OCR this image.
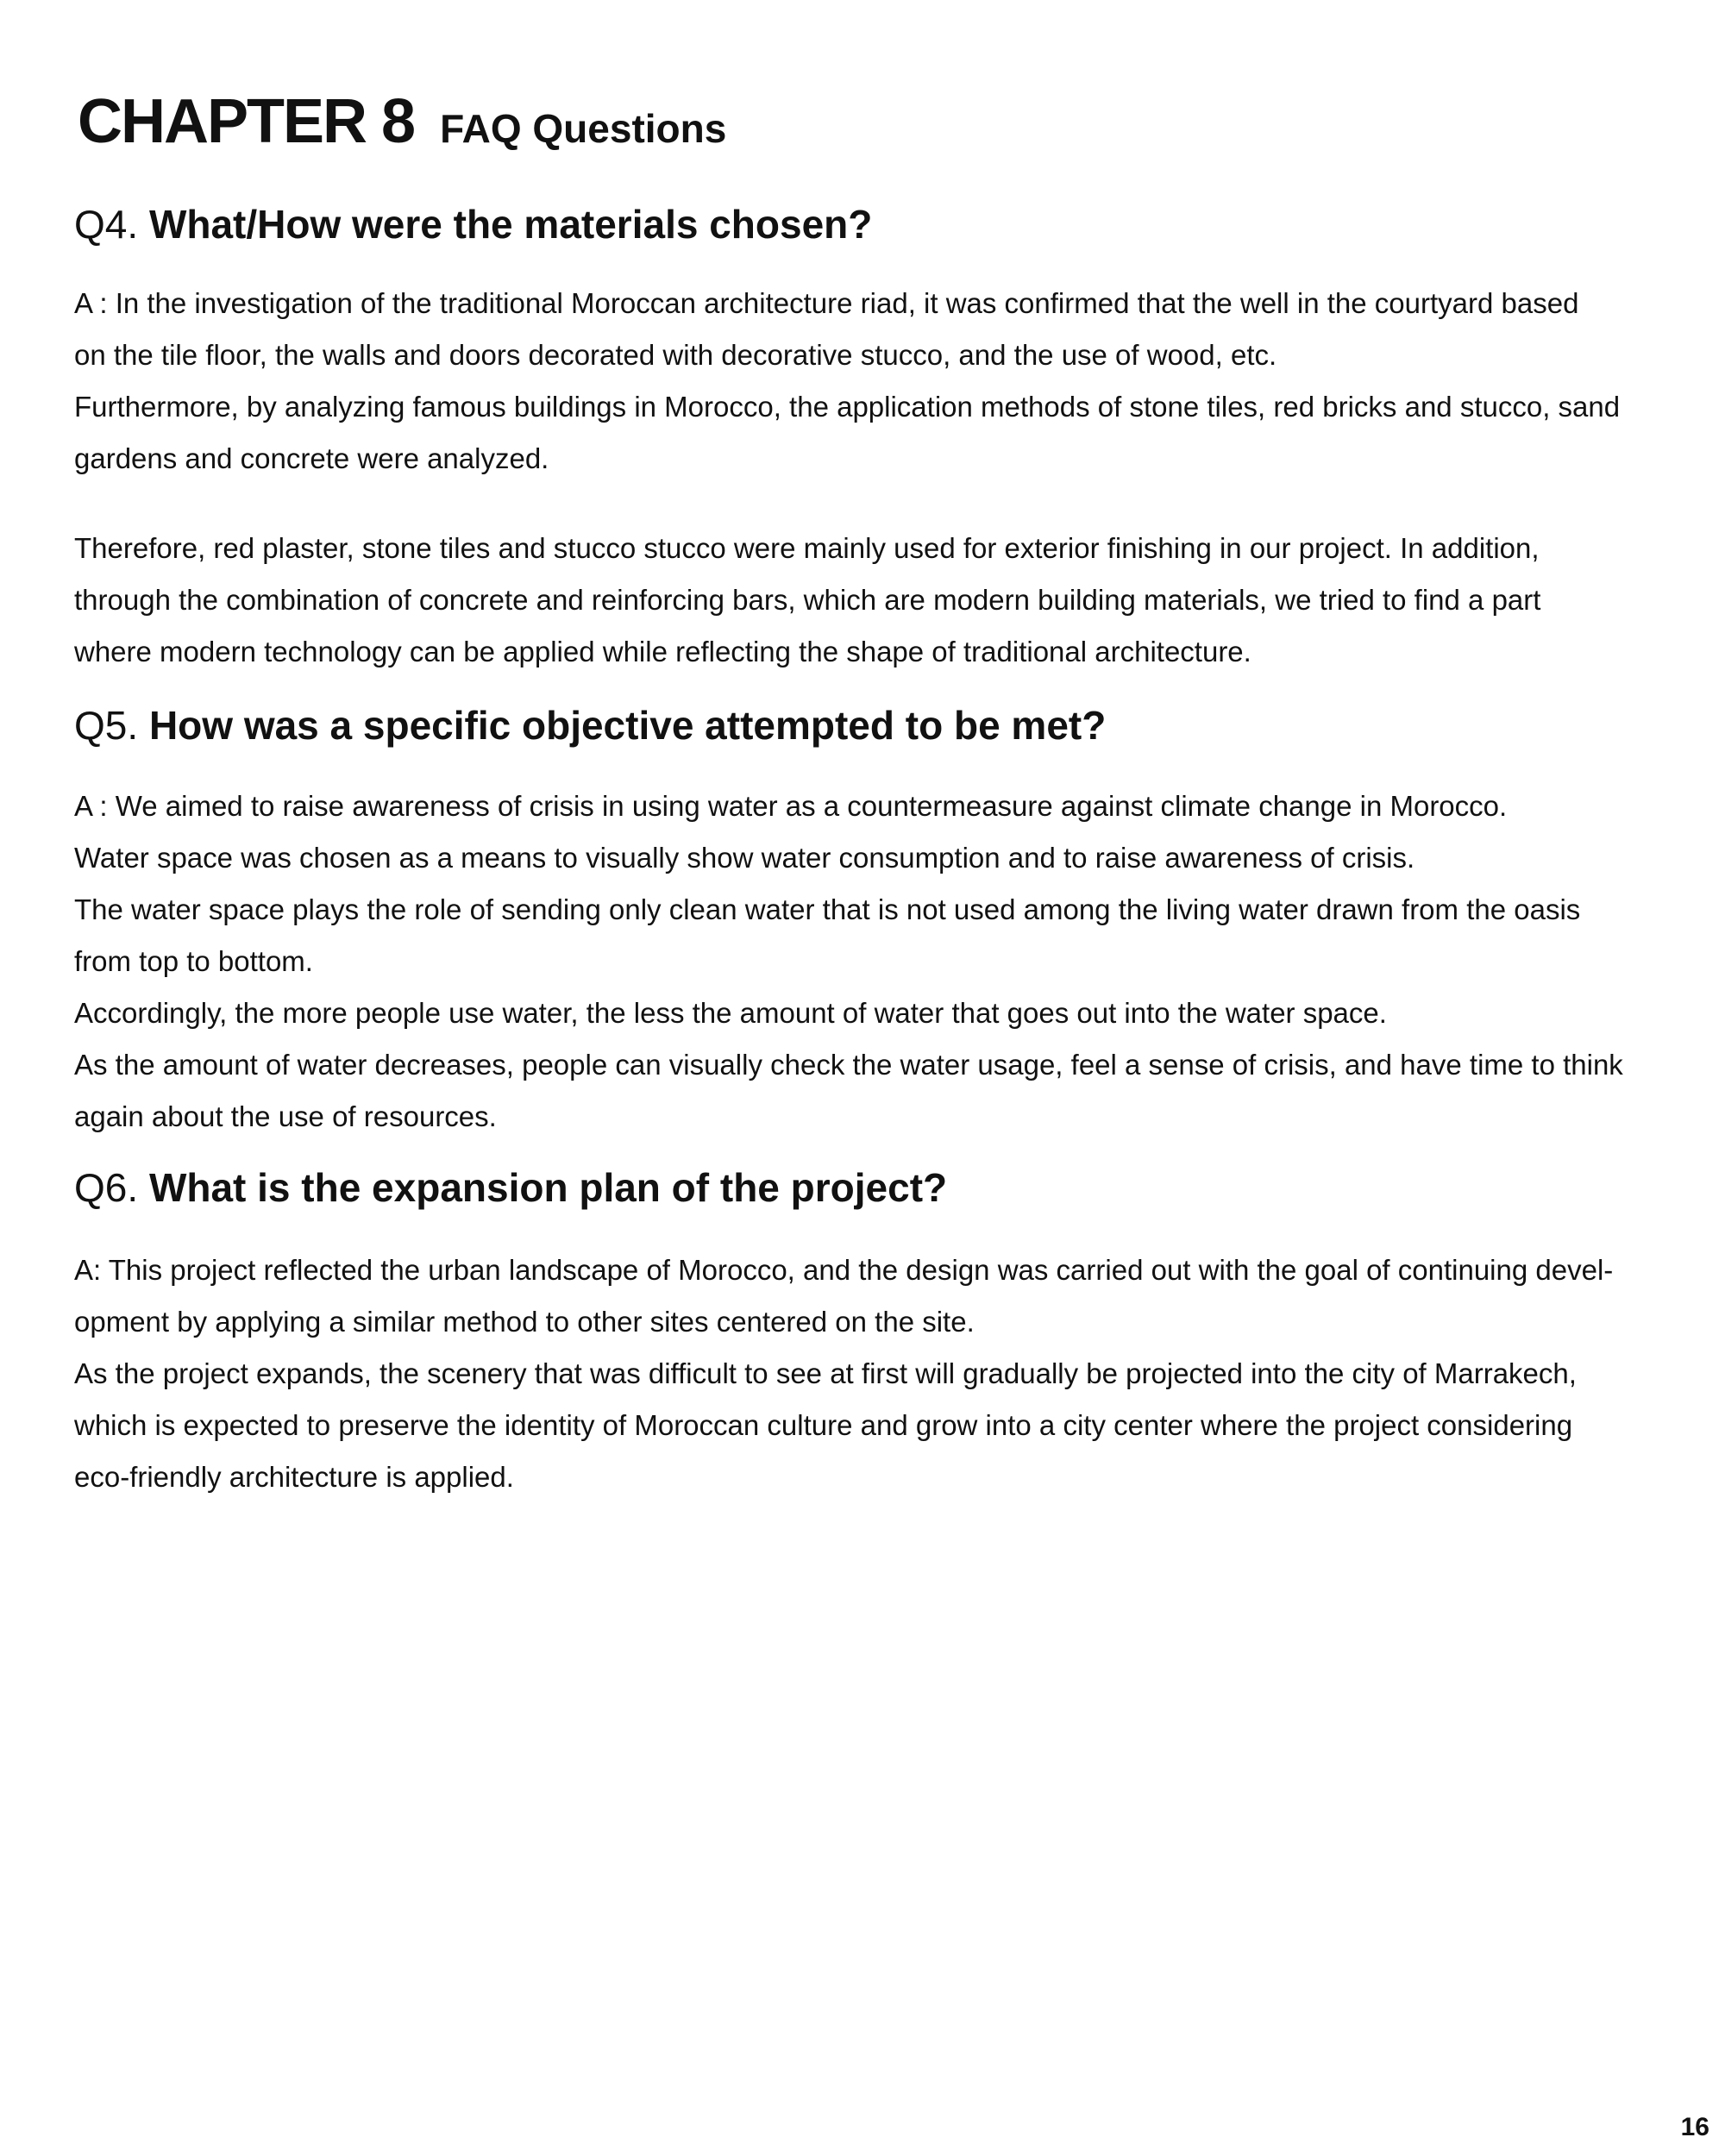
CHAPTER 8 FAQ Questions
Q4. What/How were the materials chosen?
A : In the investigation of the traditional Moroccan architecture riad, it was confirmed that the well in the courtyard based
on the tile floor, the walls and doors decorated with decorative stucco, and the use of wood, etc.
Furthermore, by analyzing famous buildings in Morocco, the application methods of stone tiles, red bricks and stucco, sand
gardens and concrete were analyzed.
Therefore, red plaster, stone tiles and stucco stucco were mainly used for exterior finishing in our project. In addition,
through the combination of concrete and reinforcing bars, which are modern building materials, we tried to find a part
where modern technology can be applied while reflecting the shape of traditional architecture.
Q5. How was a specific objective attempted to be met?
A : We aimed to raise awareness of crisis in using water as a countermeasure against climate change in Morocco.
Water space was chosen as a means to visually show water consumption and to raise awareness of crisis.
The water space plays the role of sending only clean water that is not used among the living water drawn from the oasis
from top to bottom.
Accordingly, the more people use water, the less the amount of water that goes out into the water space.
As the amount of water decreases, people can visually check the water usage, feel a sense of crisis, and have time to think
again about the use of resources.
Q6. What is the expansion plan of the project?
A: This project reflected the urban landscape of Morocco, and the design was carried out with the goal of continuing devel-
opment by applying a similar method to other sites centered on the site.
As the project expands, the scenery that was difficult to see at first will gradually be projected into the city of Marrakech,
which is expected to preserve the identity of Moroccan culture and grow into a city center where the project considering
eco-friendly architecture is applied.
16
